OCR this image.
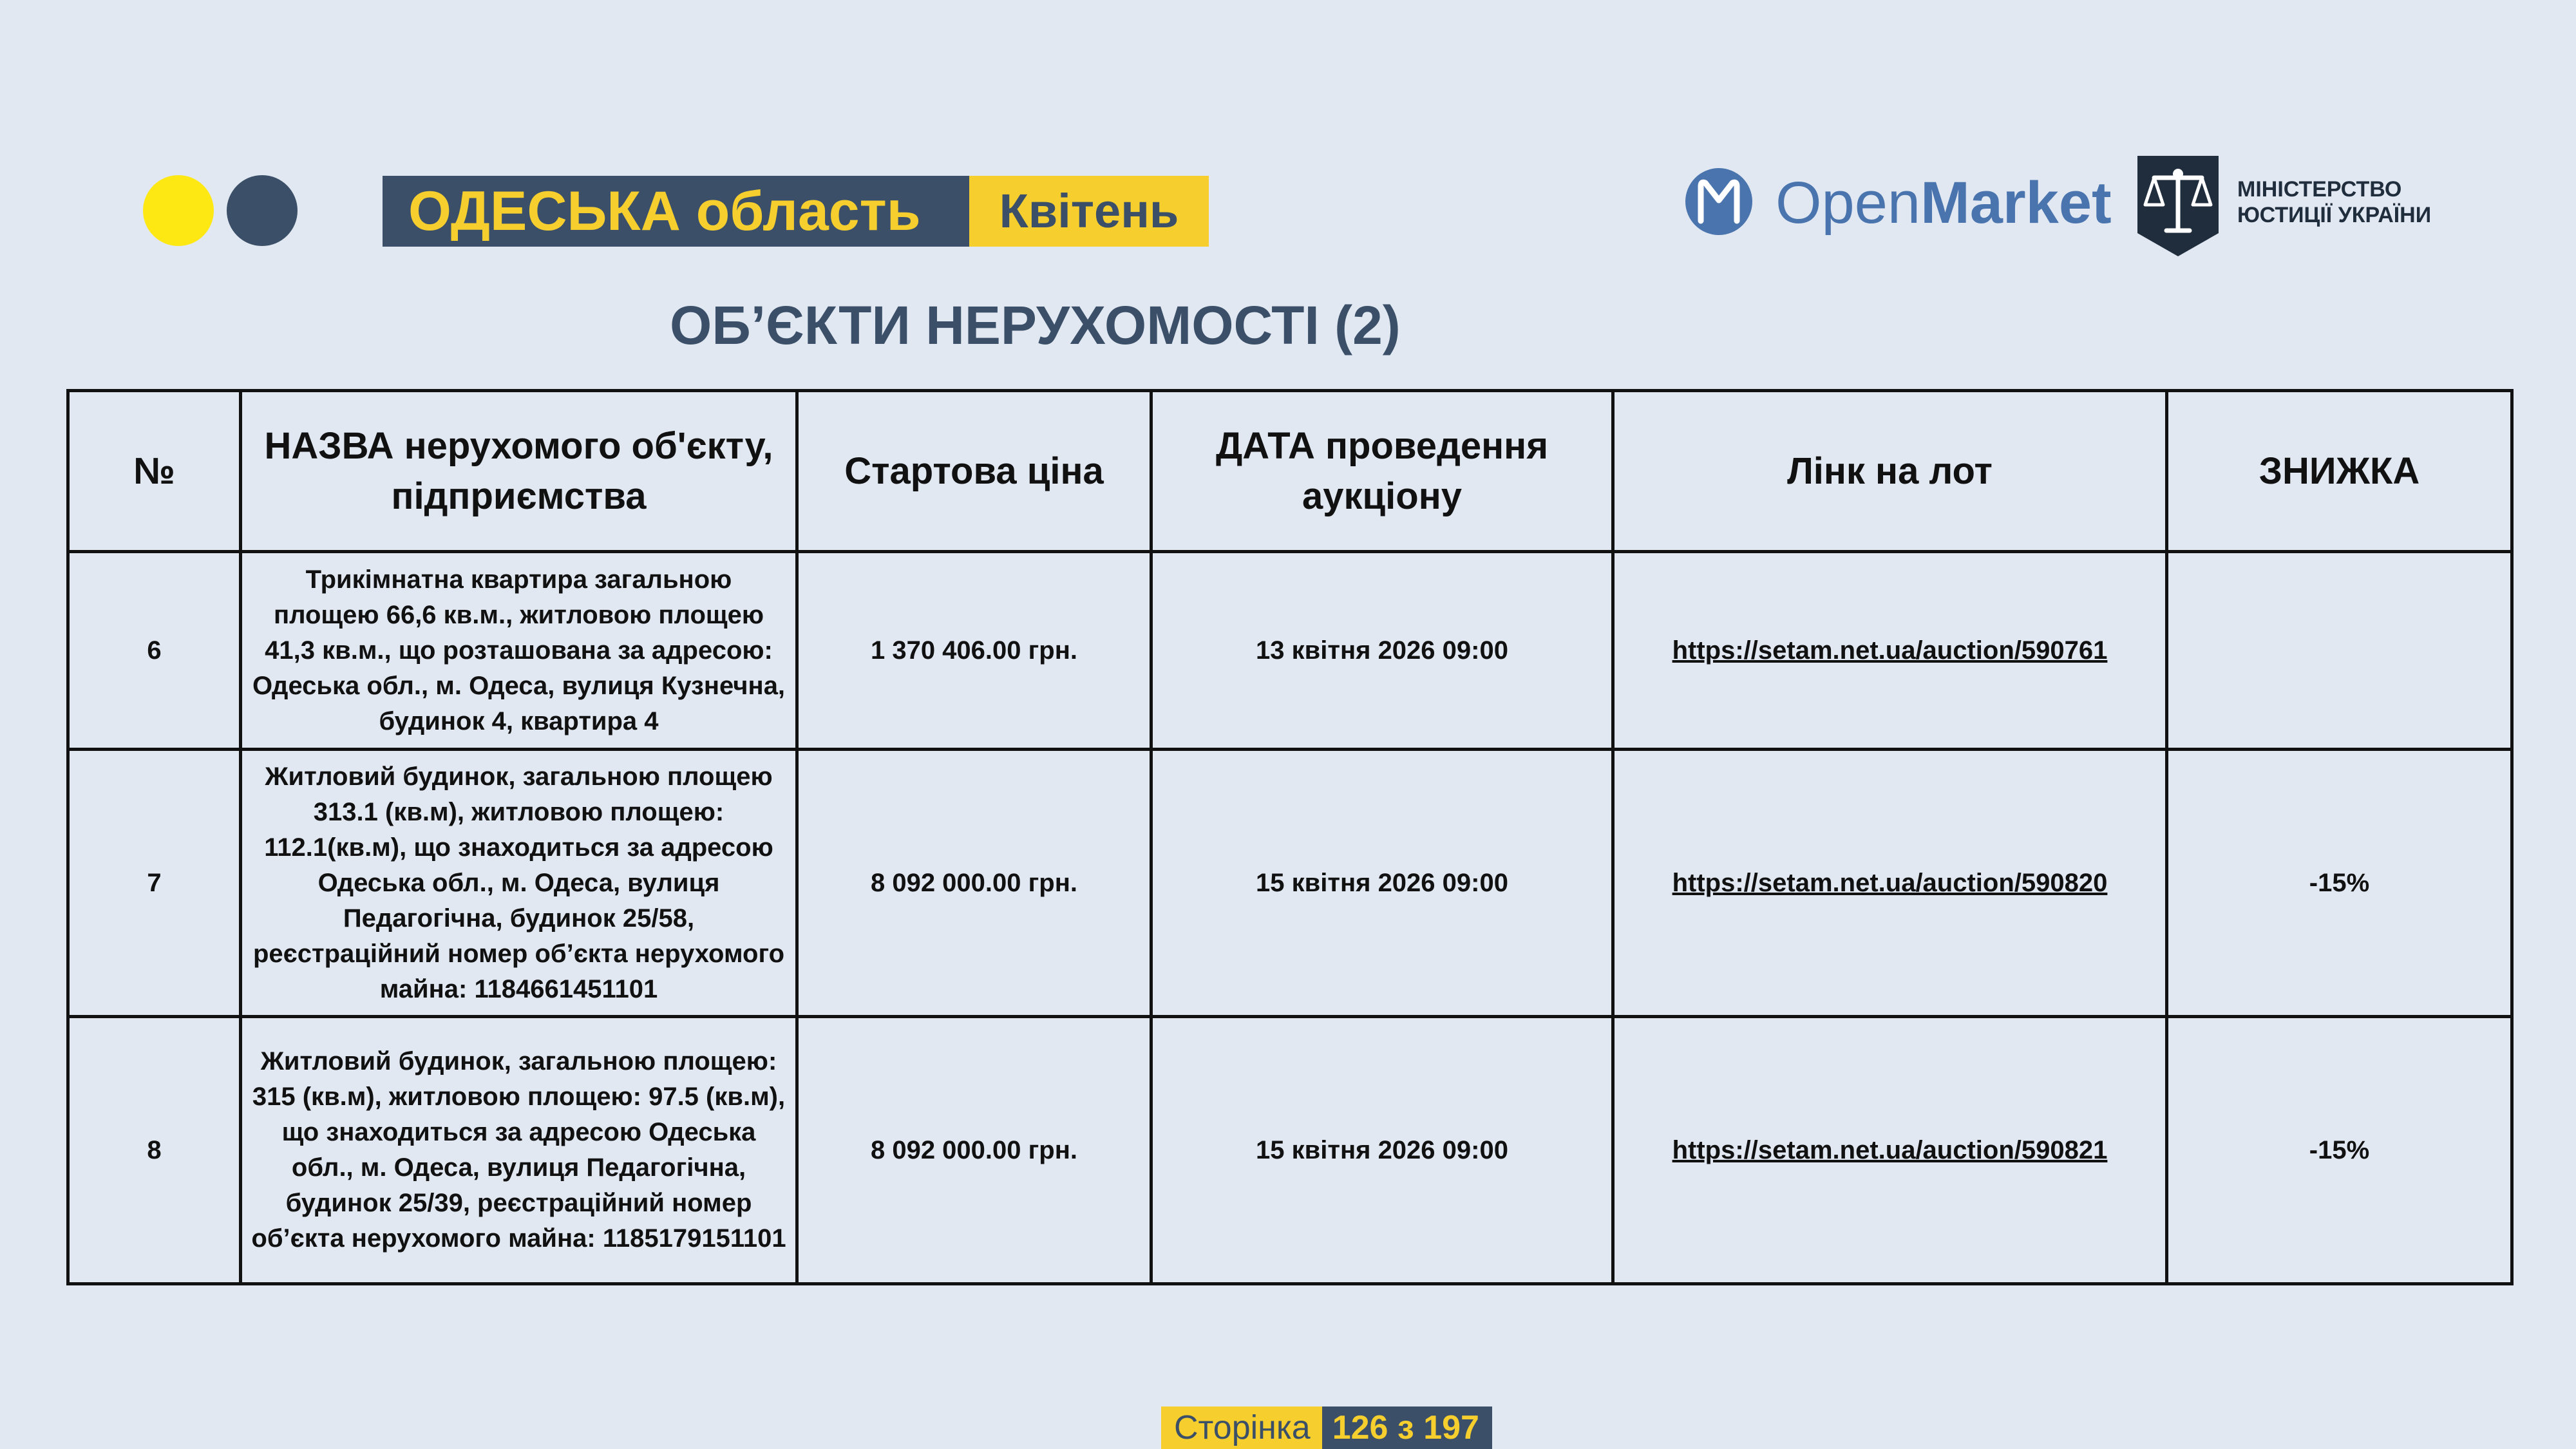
ОДЕСЬКА область	Квітень	OpenMarket	МІНІСТЕРСТВО
ЮСТИЦІЇ УКРАЇНИ
ОБ’ЄКТИ НЕРУХОМОСТІ (2)
№	НАЗВА нерухомого об'єкту, підприємства	Стартова ціна	ДАТА проведення аукціону	Лінк на лот	ЗНИЖКА
6	Трикімнатна квартира загальною площею 66,6 кв.м., житловою площею 41,3 кв.м., що розташована за адресою: Одеська обл., м. Одеса, вулиця Кузнечна, будинок 4, квартира 4	1 370 406.00 грн.	13 квітня 2026 09:00	https://setam.net.ua/auction/590761	
7	Житловий будинок, загальною площею 313.1 (кв.м), житловою площею: 112.1(кв.м), що знаходиться за адресою Одеська обл., м. Одеса, вулиця Педагогічна, будинок 25/58, реєстраційний номер об’єкта нерухомого майна: 1184661451101	8 092 000.00 грн.	15 квітня 2026 09:00	https://setam.net.ua/auction/590820	-15%
8	Житловий будинок, загальною площею: 315 (кв.м), житловою площею: 97.5 (кв.м), що знаходиться за адресою Одеська обл., м. Одеса, вулиця Педагогічна, будинок 25/39, реєстраційний номер об’єкта нерухомого майна: 1185179151101	8 092 000.00 грн.	15 квітня 2026 09:00	https://setam.net.ua/auction/590821	-15%
Сторінка 126 з 197
